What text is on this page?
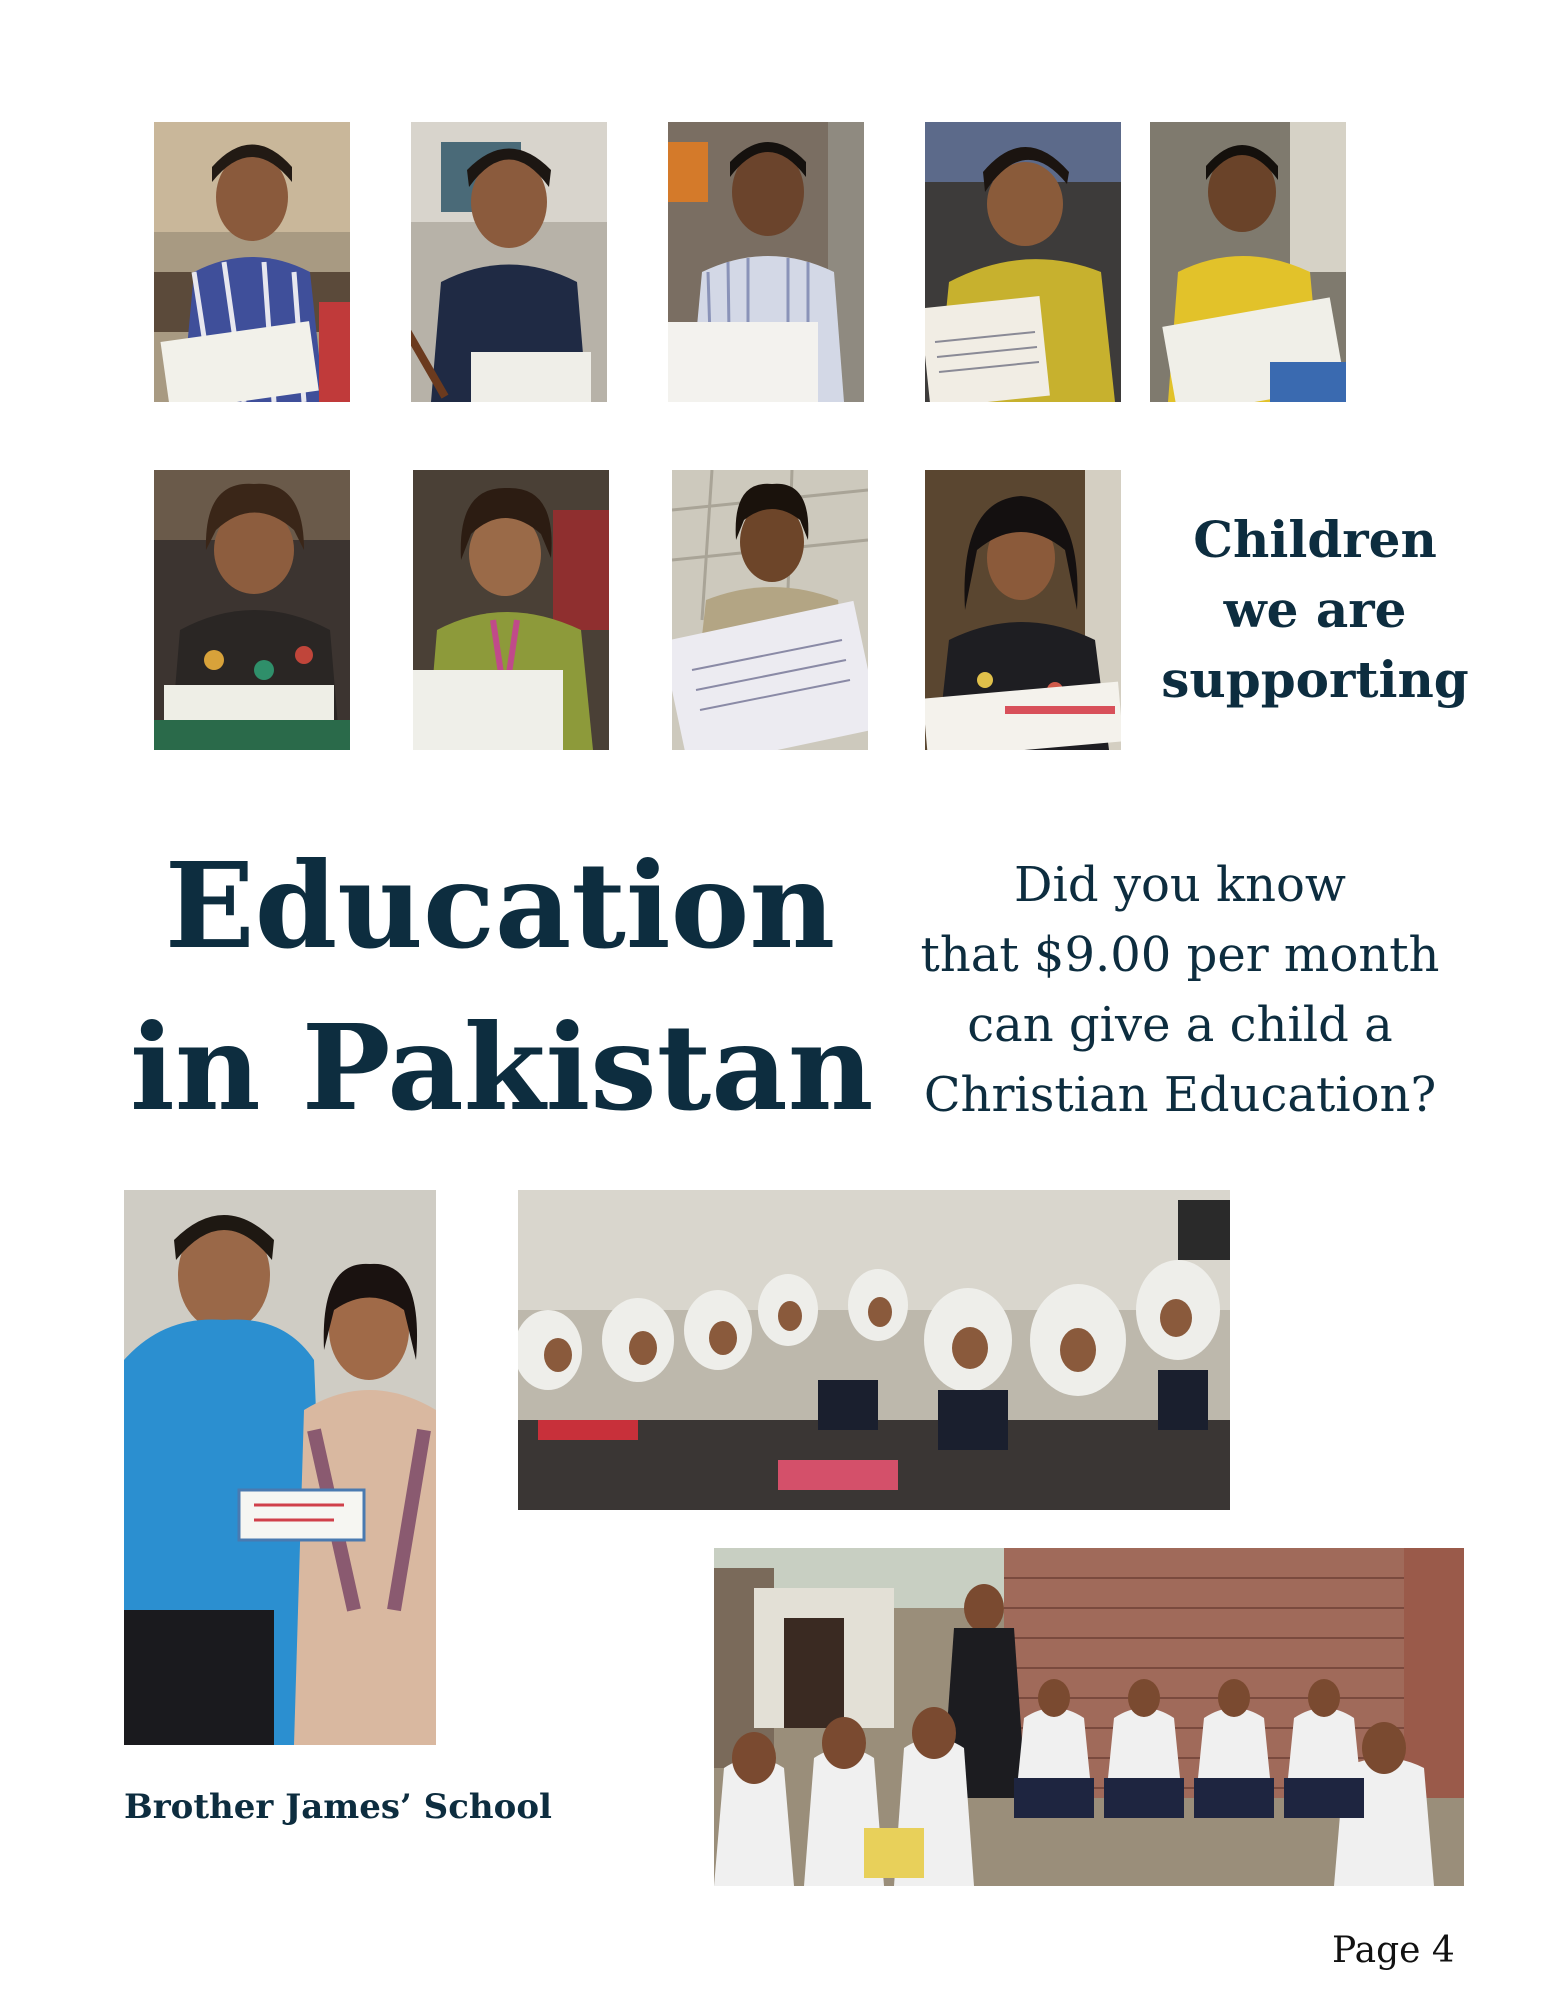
Children
we are
supporting
Education
in Pakistan
Did you know
that $9.00 per month
can give a child a
Christian Education?
Brother James’ School
Page 4
